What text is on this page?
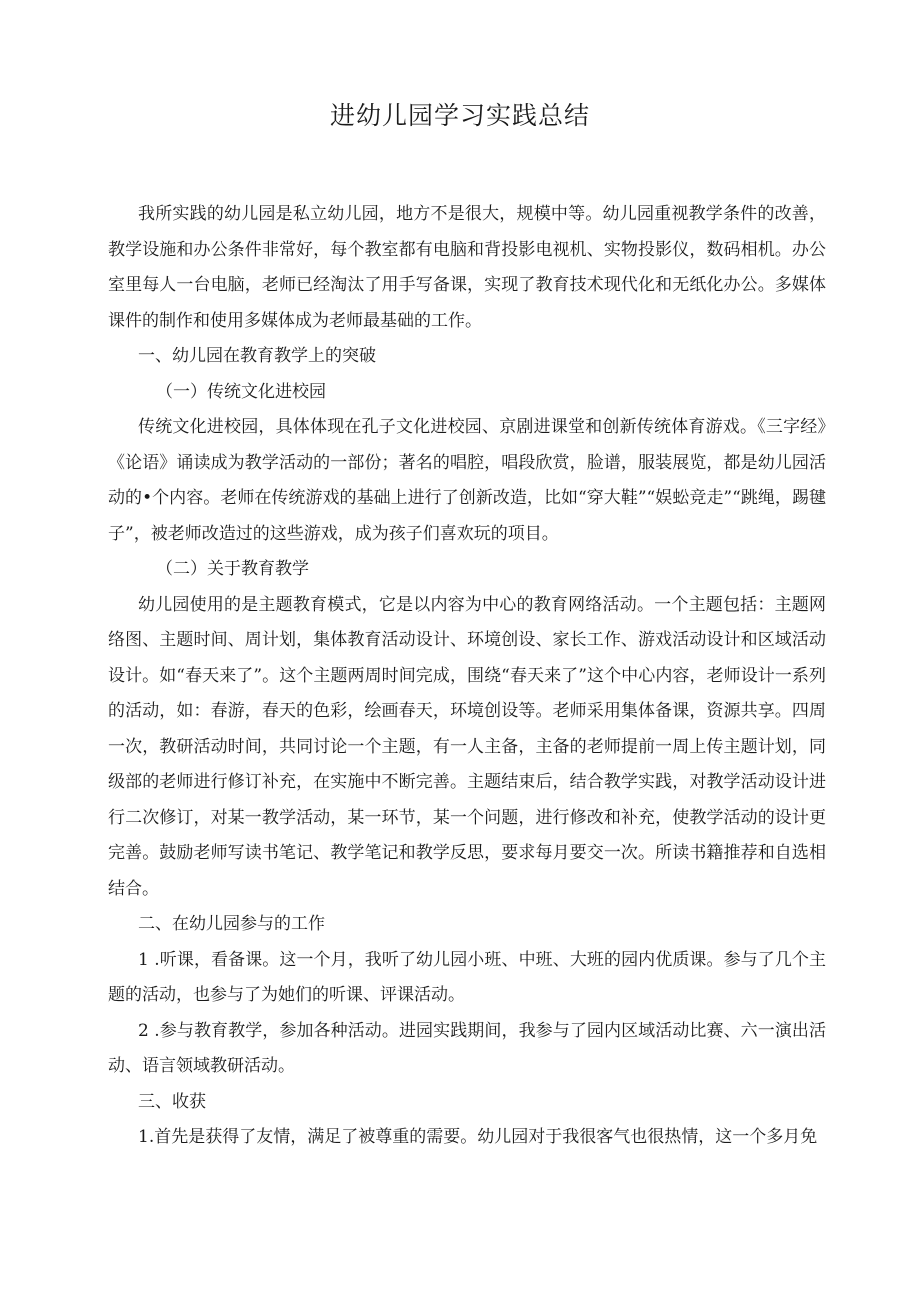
进幼儿园学习实践总结

我所实践的幼儿园是私立幼儿园，地方不是很大，规模中等。幼儿园重视教学条件的改善，教学设施和办公条件非常好，每个教室都有电脑和背投影电视机、实物投影仪，数码相机。办公室里每人一台电脑，老师已经淘汰了用手写备课，实现了教育技术现代化和无纸化办公。多媒体课件的制作和使用多媒体成为老师最基础的工作。

一、幼儿园在教育教学上的突破

（一）传统文化进校园

传统文化进校园，具体体现在孔子文化进校园、京剧进课堂和创新传统体育游戏。《三字经》《论语》诵读成为教学活动的一部份；著名的唱腔，唱段欣赏，脸谱，服装展览，都是幼儿园活动的•个内容。老师在传统游戏的基础上进行了创新改造，比如“穿大鞋”“娱蚣竞走”“跳绳，踢毽子”，被老师改造过的这些游戏，成为孩子们喜欢玩的项目。

（二）关于教育教学

幼儿园使用的是主题教育模式，它是以内容为中心的教育网络活动。一个主题包括：主题网络图、主题时间、周计划，集体教育活动设计、环境创设、家长工作、游戏活动设计和区域活动设计。如“春天来了”。这个主题两周时间完成，围绕“春天来了”这个中心内容，老师设计一系列的活动，如：春游，春天的色彩，绘画春天，环境创设等。老师采用集体备课，资源共享。四周一次，教研活动时间，共同讨论一个主题，有一人主备，主备的老师提前一周上传主题计划，同级部的老师进行修订补充，在实施中不断完善。主题结束后，结合教学实践，对教学活动设计进行二次修订，对某一教学活动，某一环节，某一个问题，进行修改和补充，使教学活动的设计更完善。鼓励老师写读书笔记、教学笔记和教学反思，要求每月要交一次。所读书籍推荐和自选相结合。

二、在幼儿园参与的工作

1 .听课，看备课。这一个月，我听了幼儿园小班、中班、大班的园内优质课。参与了几个主题的活动，也参与了为她们的听课、评课活动。

2 .参与教育教学，参加各种活动。进园实践期间，我参与了园内区域活动比赛、六一演出活动、语言领域教研活动。

三、收获

1.首先是获得了友情，满足了被尊重的需要。幼儿园对于我很客气也很热情，这一个多月免
